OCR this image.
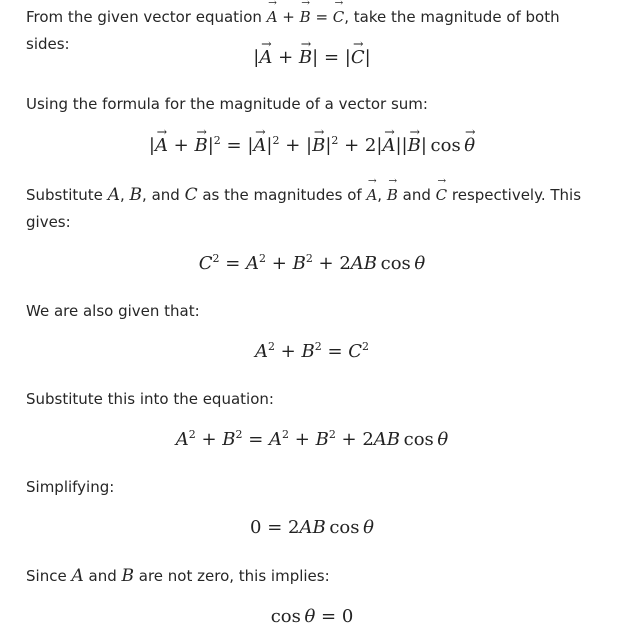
From the given vector equation → A + → B = → C, take the magnitude of both sides:
|→ A + → B| = |→ C|
Using the formula for the magnitude of a vector sum:
|→ A + → $B|^2$ = |→ $A|^2$ + |→ $B|^2 + 2|\to A||\to B|$  cos → θ
Substitute A, B, and C as the magnitudes of → A, → B and → C respectively. This gives:
$C^2 = A^2 + B^2 + 2AB$  cos  θ
We are also given that:
$A^2 + B^2 = C^2$
Substitute this into the equation:
$A^2 + B^2 = A^2 + B^2 + 2AB$  cos  θ
Simplifying:
0 = 2AB  cos  θ
Since A and B are not zero, this implies:
cos  θ = 0
